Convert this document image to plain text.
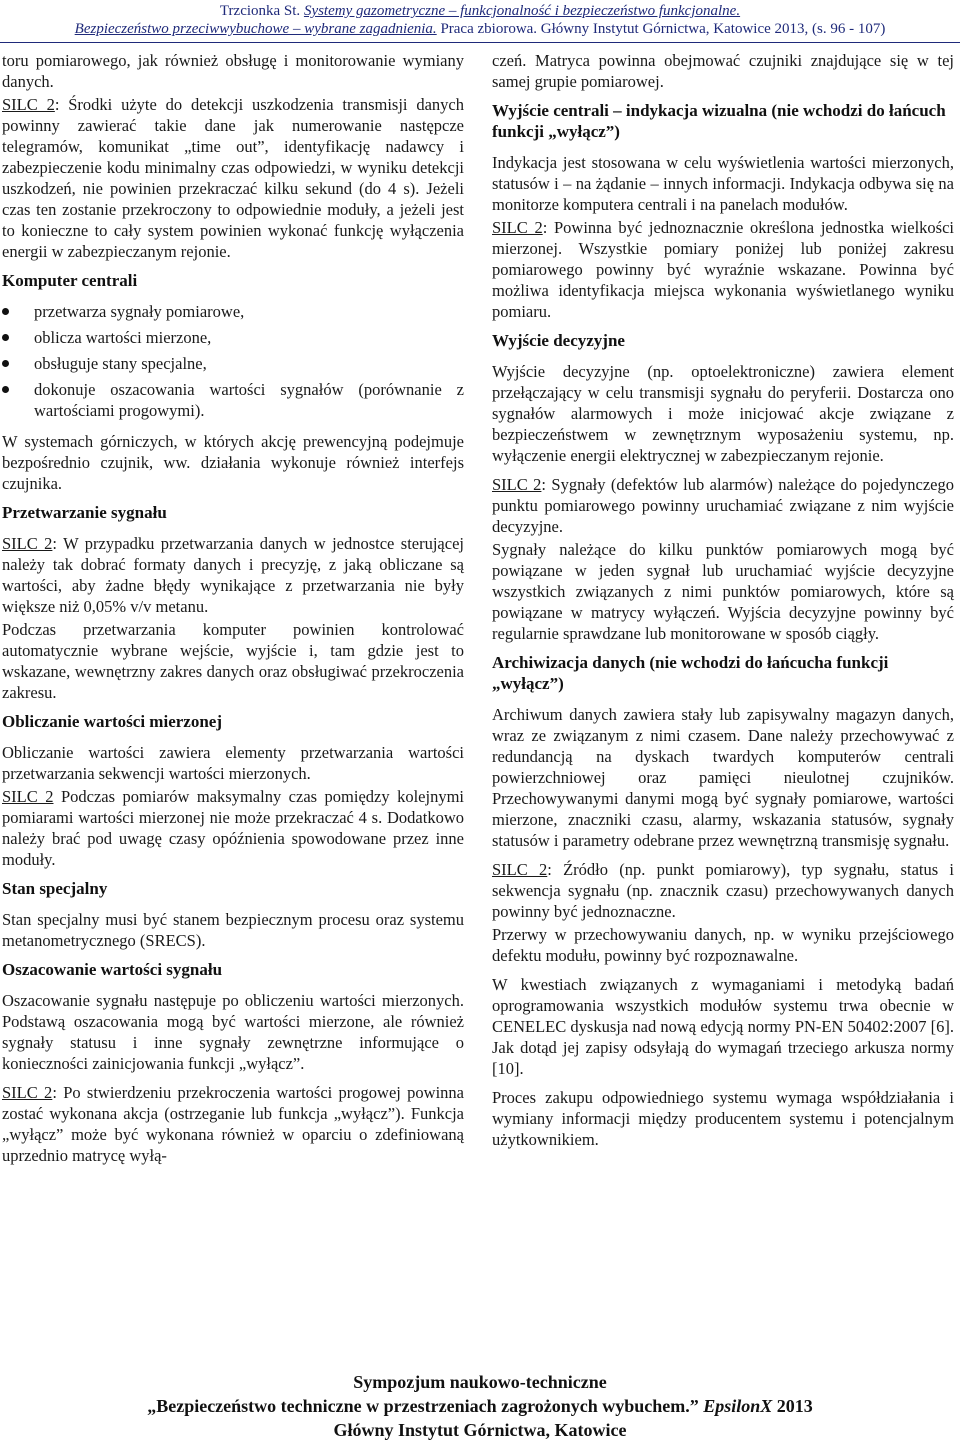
Trzcionka St. Systemy gazometryczne – funkcjonalność i bezpieczeństwo funkcjonalne.
Bezpieczeństwo przeciwwybuchowe – wybrane zagadnienia. Praca zbiorowa. Główny Instytut Górnictwa, Katowice 2013, (s. 96 - 107)

toru pomiarowego, jak również obsługę i monitorowanie wymiany danych.

SILC 2: Środki użyte do detekcji uszkodzenia transmisji danych powinny zawierać takie dane jak numerowanie następcze telegramów, komunikat „time out”, identyfikację nadawcy i zabezpieczenie kodu minimalny czas odpowiedzi, w wyniku detekcji uszkodzeń, nie powinien przekraczać kilku sekund (do 4 s). Jeżeli czas ten zostanie przekroczony to odpowiednie moduły, a jeżeli jest to konieczne to cały system powinien wykonać funkcję wyłączenia energii w zabezpieczanym rejonie.

Komputer centrali
przetwarza sygnały pomiarowe,
oblicza wartości mierzone,
obsługuje stany specjalne,
dokonuje oszacowania wartości sygnałów (porównanie z wartościami progowymi).

W systemach górniczych, w których akcję prewencyjną podejmuje bezpośrednio czujnik, ww. działania wykonuje również interfejs czujnika.

Przetwarzanie sygnału

SILC 2: W przypadku przetwarzania danych w jednostce sterującej należy tak dobrać formaty danych i precyzję, z jaką obliczane są wartości, aby żadne błędy wynikające z przetwarzania nie były większe niż 0,05% v/v metanu.

Podczas przetwarzania komputer powinien kontrolować automatycznie wybrane wejście, wyjście i, tam gdzie jest to wskazane, wewnętrzny zakres danych oraz obsługiwać przekroczenia zakresu.

Obliczanie wartości mierzonej

Obliczanie wartości zawiera elementy przetwarzania wartości przetwarzania sekwencji wartości mierzonych.

SILC 2 Podczas pomiarów maksymalny czas pomiędzy kolejnymi pomiarami wartości mierzonej nie może przekraczać 4 s. Dodatkowo należy brać pod uwagę czasy opóźnienia spowodowane przez inne moduły.

Stan specjalny

Stan specjalny musi być stanem bezpiecznym procesu oraz systemu metanometrycznego (SRECS).

Oszacowanie wartości sygnału

Oszacowanie sygnału następuje po obliczeniu wartości mierzonych. Podstawą oszacowania mogą być wartości mierzone, ale również sygnały statusu i inne sygnały zewnętrzne informujące o konieczności zainicjowania funkcji „wyłącz”.

SILC 2: Po stwierdzeniu przekroczenia wartości progowej powinna zostać wykonana akcja (ostrzeganie lub funkcja „wyłącz”). Funkcja „wyłącz” może być wykonana również w oparciu o zdefiniowaną uprzednio matrycę wyłą-

czeń. Matryca powinna obejmować czujniki znajdujące się w tej samej grupie pomiarowej.

Wyjście centrali – indykacja wizualna (nie wchodzi do łańcuch funkcji „wyłącz”)

Indykacja jest stosowana w celu wyświetlenia wartości mierzonych, statusów i – na żądanie – innych informacji. Indykacja odbywa się na monitorze komputera centrali i na panelach modułów.

SILC 2: Powinna być jednoznacznie określona jednostka wielkości mierzonej. Wszystkie pomiary poniżej lub poniżej zakresu pomiarowego powinny być wyraźnie wskazane. Powinna być możliwa identyfikacja miejsca wykonania wyświetlanego wyniku pomiaru.

Wyjście decyzyjne

Wyjście decyzyjne (np. optoelektroniczne) zawiera element przełączający w celu transmisji sygnału do peryferii. Dostarcza ono sygnałów alarmowych i może inicjować akcje związane z bezpieczeństwem w zewnętrznym wyposażeniu systemu, np. wyłączenie energii elektrycznej w zabezpieczanym rejonie.

SILC 2: Sygnały (defektów lub alarmów) należące do pojedynczego punktu pomiarowego powinny uruchamiać związane z nim wyjście decyzyjne.

Sygnały należące do kilku punktów pomiarowych mogą być powiązane w jeden sygnał lub uruchamiać wyjście decyzyjne wszystkich związanych z nimi punktów pomiarowych, które są powiązane w matrycy wyłączeń. Wyjścia decyzyjne powinny być regularnie sprawdzane lub monitorowane w sposób ciągły.

Archiwizacja danych (nie wchodzi do łańcucha funkcji „wyłącz”)

Archiwum danych zawiera stały lub zapisywalny magazyn danych, wraz ze związanym z nimi czasem. Dane należy przechowywać z redundancją na dyskach twardych komputerów centrali powierzchniowej oraz pamięci nieulotnej czujników. Przechowywanymi danymi mogą być sygnały pomiarowe, wartości mierzone, znaczniki czasu, alarmy, wskazania statusów, sygnały statusów i parametry odebrane przez wewnętrzną transmisję sygnału.

SILC 2: Źródło (np. punkt pomiarowy), typ sygnału, status i sekwencja sygnału (np. znacznik czasu) przechowywanych danych powinny być jednoznaczne.

Przerwy w przechowywaniu danych, np. w wyniku przejściowego defektu modułu, powinny być rozpoznawalne.

W kwestiach związanych z wymaganiami i metodyką badań oprogramowania wszystkich modułów systemu trwa obecnie w CENELEC dyskusja nad nową edycją normy PN-EN 50402:2007 [6]. Jak dotąd jej zapisy odsyłają do wymagań trzeciego arkusza normy [10].

Proces zakupu odpowiedniego systemu wymaga współdziałania i wymiany informacji między producentem systemu i potencjalnym użytkownikiem.

Sympozjum naukowo-techniczne
„Bezpieczeństwo techniczne w przestrzeniach zagrożonych wybuchem.” EpsilonX 2013
Główny Instytut Górnictwa, Katowice
